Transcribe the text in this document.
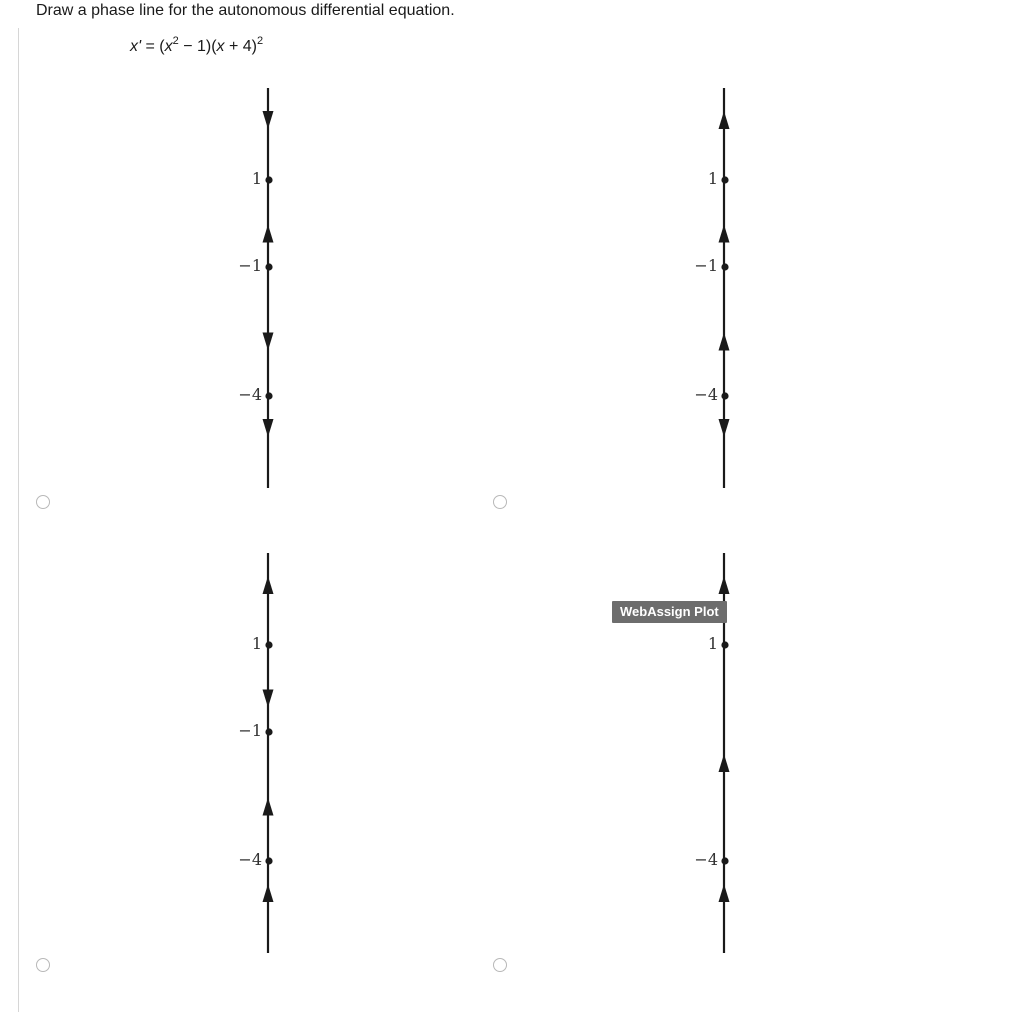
Draw a phase line for the autonomous differential equation.
$x' = (x^2 - 1)(x + 4)^2$
1
−1
−4
1
−1
−4
1
−1
−4
1
−4
WebAssign Plot
